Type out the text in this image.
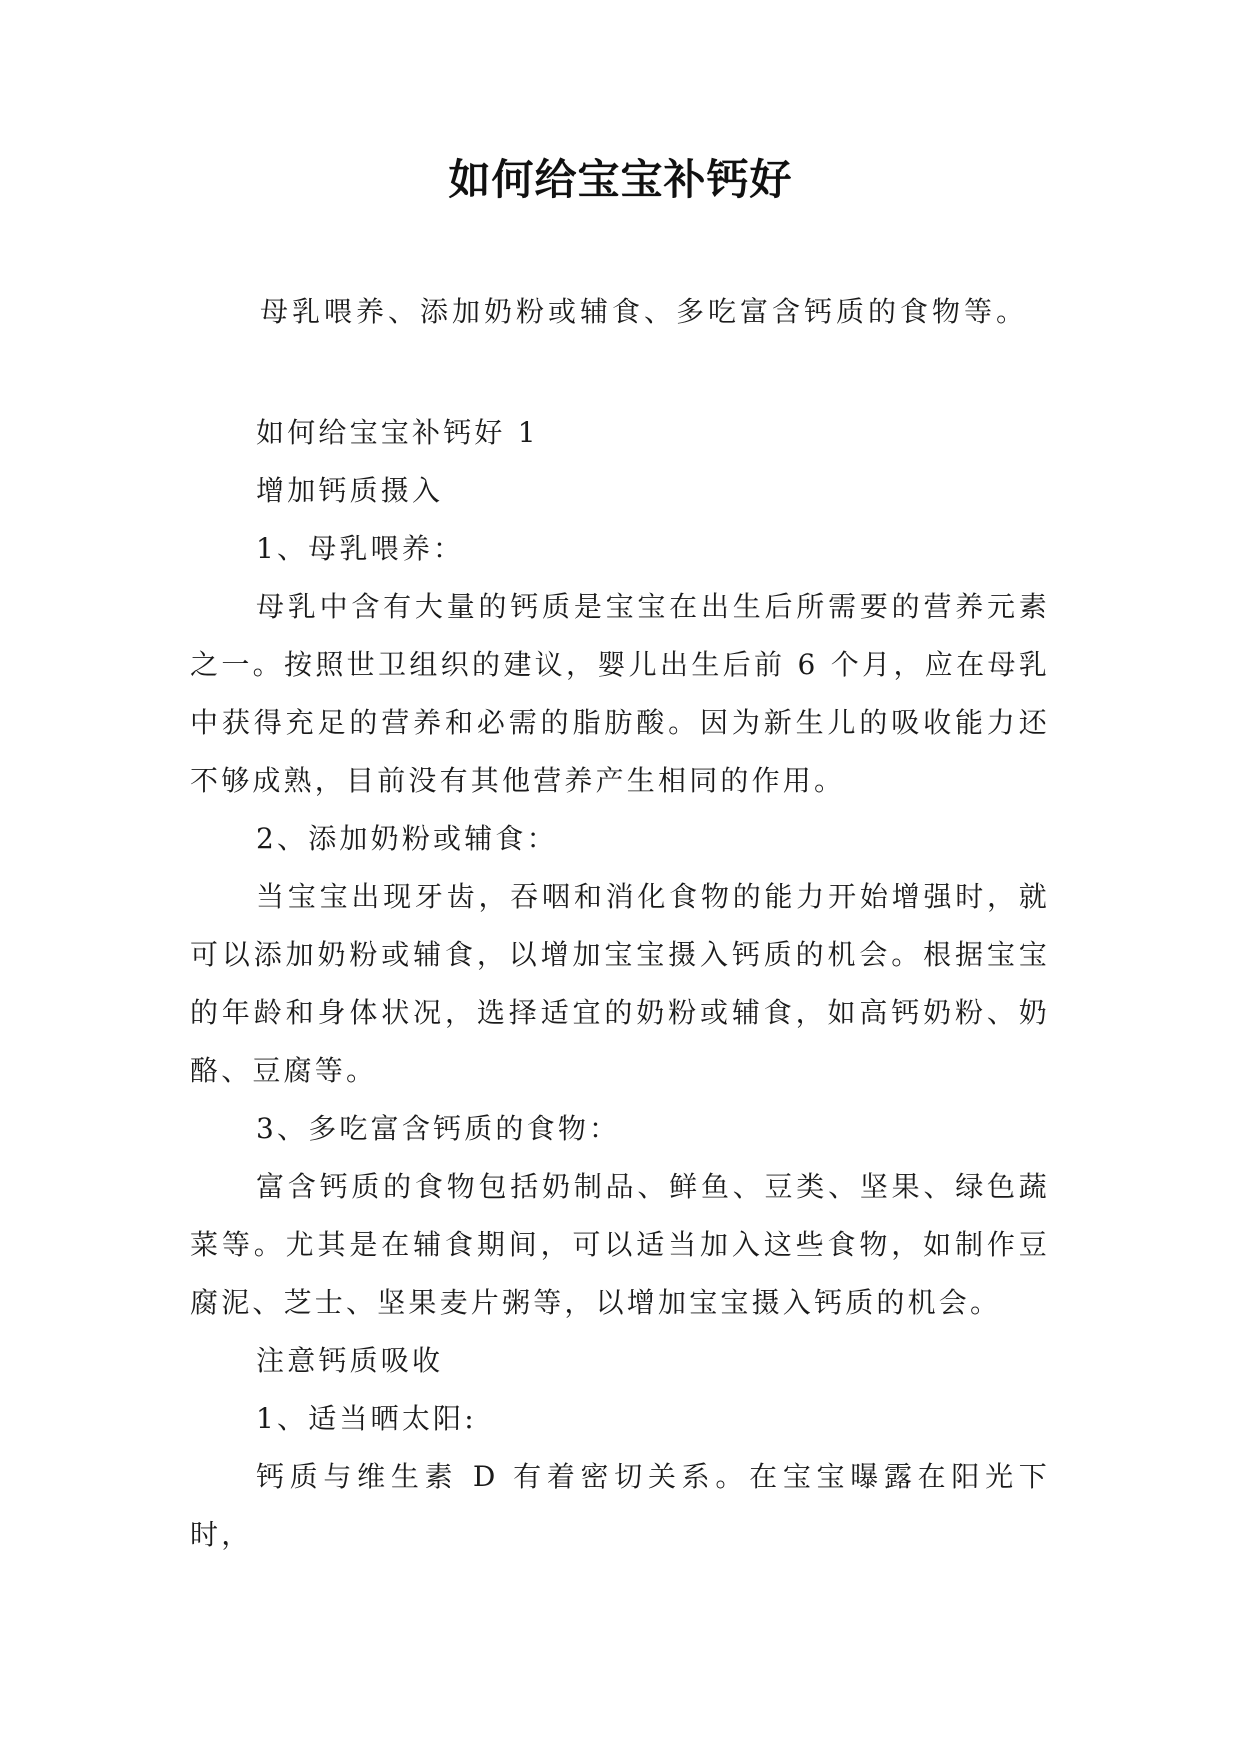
如何给宝宝补钙好
母乳喂养、添加奶粉或辅食、多吃富含钙质的食物等。

如何给宝宝补钙好 1

增加钙质摄入

1、母乳喂养：

母乳中含有大量的钙质是宝宝在出生后所需要的营养元素之一。按照世卫组织的建议，婴儿出生后前 6 个月，应在母乳中获得充足的营养和必需的脂肪酸。因为新生儿的吸收能力还不够成熟，目前没有其他营养产生相同的作用。

2、添加奶粉或辅食：

当宝宝出现牙齿，吞咽和消化食物的能力开始增强时，就可以添加奶粉或辅食，以增加宝宝摄入钙质的机会。根据宝宝的年龄和身体状况，选择适宜的奶粉或辅食，如高钙奶粉、奶酪、豆腐等。

3、多吃富含钙质的食物：

富含钙质的食物包括奶制品、鲜鱼、豆类、坚果、绿色蔬菜等。尤其是在辅食期间，可以适当加入这些食物，如制作豆腐泥、芝士、坚果麦片粥等，以增加宝宝摄入钙质的机会。

注意钙质吸收

1、适当晒太阳:

钙质与维生素 D 有着密切关系。在宝宝曝露在阳光下时，
